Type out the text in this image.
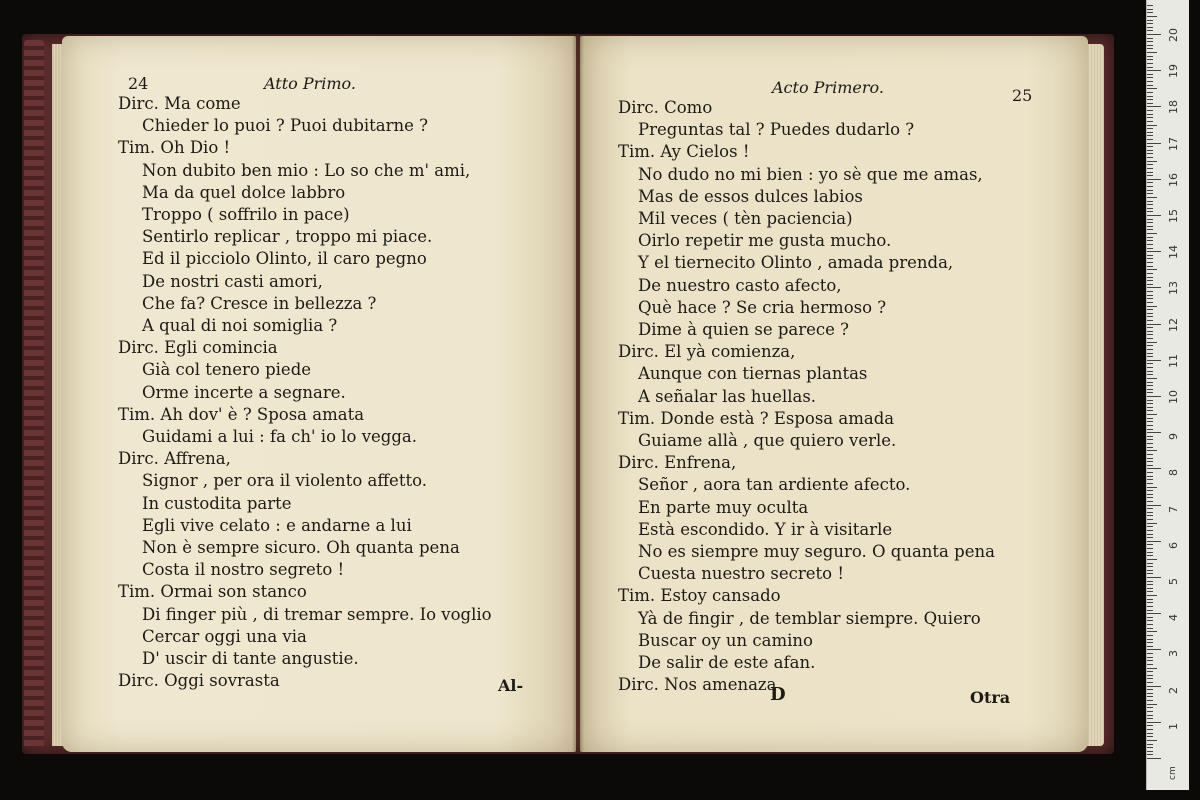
24	Atto Primo.
Al-
Dirc. Ma come
Chieder lo puoi ? Puoi dubitarne ?
Tim. Oh Dio !
Non dubito ben mio : Lo so che m' ami,
Ma da quel dolce labbro
Troppo ( soffrilo in pace)
Sentirlo replicar , troppo mi piace.
Ed il picciolo Olinto, il caro pegno
De nostri casti amori,
Che fa? Cresce in bellezza ?
A qual di noi somiglia ?
Dirc. Egli comincia
Già col tenero piede
Orme incerte a segnare.
Tim. Ah dov' è ? Sposa amata
Guidami a lui : fa ch' io lo vegga.
Dirc. Affrena,
Signor , per ora il violento affetto.
In custodita parte
Egli vive celato : e andarne a lui
Non è sempre sicuro. Oh quanta pena
Costa il nostro segreto !
Tim. Ormai son stanco
Di finger più , di tremar sempre. Io voglio
Cercar oggi una via
D' uscir di tante angustie.
Dirc. Oggi sovrasta
Acto Primero.	25
D	Otra
Dirc. Como
Preguntas tal ? Puedes dudarlo ?
Tim. Ay Cielos !
No dudo no mi bien : yo sè que me amas,
Mas de essos dulces labios
Mil veces ( tèn paciencia)
Oirlo repetir me gusta mucho.
Y el tiernecito Olinto , amada prenda,
De nuestro casto afecto,
Què hace ? Se cria hermoso ?
Dime à quien se parece ?
Dirc. El yà comienza,
Aunque con tiernas plantas
A señalar las huellas.
Tim. Donde està ? Esposa amada
Guiame allà , que quiero verle.
Dirc. Enfrena,
Señor , aora tan ardiente afecto.
En parte muy oculta
Està escondido. Y ir à visitarle
No es siempre muy seguro. O quanta pena
Cuesta nuestro secreto !
Tim. Estoy cansado
Yà de fingir , de temblar siempre. Quiero
Buscar oy un camino
De salir de este afan.
Dirc. Nos amenaza
cm
1
2
3
4
5
6
7
8
9
10
11
12
13
14
15
16
17
18
19
20
